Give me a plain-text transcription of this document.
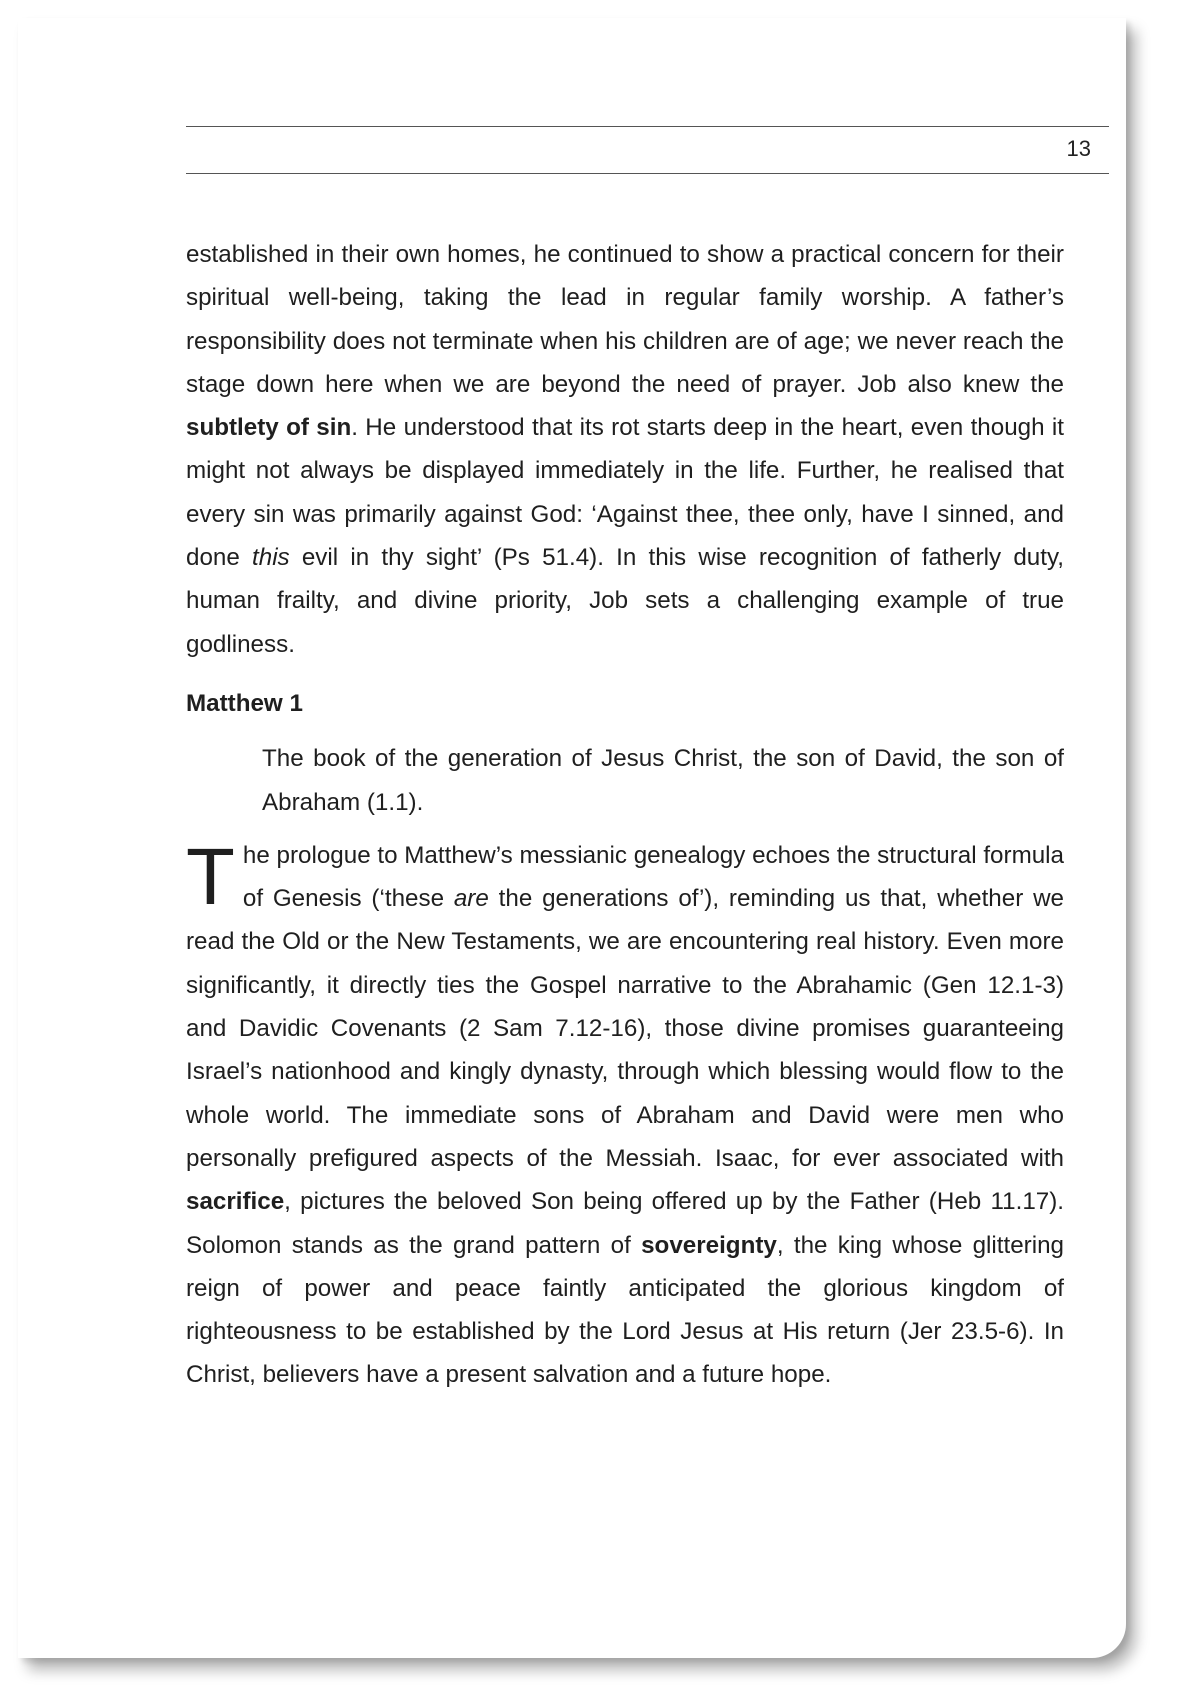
13

established in their own homes, he continued to show a practical concern for their spiritual well-being, taking the lead in regular family worship. A father’s responsibility does not terminate when his children are of age; we never reach the stage down here when we are beyond the need of prayer. Job also knew the subtlety of sin. He understood that its rot starts deep in the heart, even though it might not always be displayed immediately in the life. Further, he realised that every sin was primarily against God: ‘Against thee, thee only, have I sinned, and done this evil in thy sight’ (Ps 51.4). In this wise recognition of fatherly duty, human frailty, and divine priority, Job sets a challenging example of true godliness.

Matthew 1

The book of the generation of Jesus Christ, the son of David, the son of Abraham (1.1).

The prologue to Matthew’s messianic genealogy echoes the structural formula of Genesis (‘these are the generations of’), reminding us that, whether we read the Old or the New Testaments, we are encountering real history. Even more significantly, it directly ties the Gospel narrative to the Abrahamic (Gen 12.1-3) and Davidic Covenants (2 Sam 7.12-16), those divine promises guaranteeing Israel’s nationhood and kingly dynasty, through which blessing would flow to the whole world. The immediate sons of Abraham and David were men who personally prefigured aspects of the Messiah. Isaac, for ever associated with sacrifice, pictures the beloved Son being offered up by the Father (Heb 11.17). Solomon stands as the grand pattern of sovereignty, the king whose glittering reign of power and peace faintly anticipated the glorious kingdom of righteousness to be established by the Lord Jesus at His return (Jer 23.5-6). In Christ, believers have a present salvation and a future hope.
